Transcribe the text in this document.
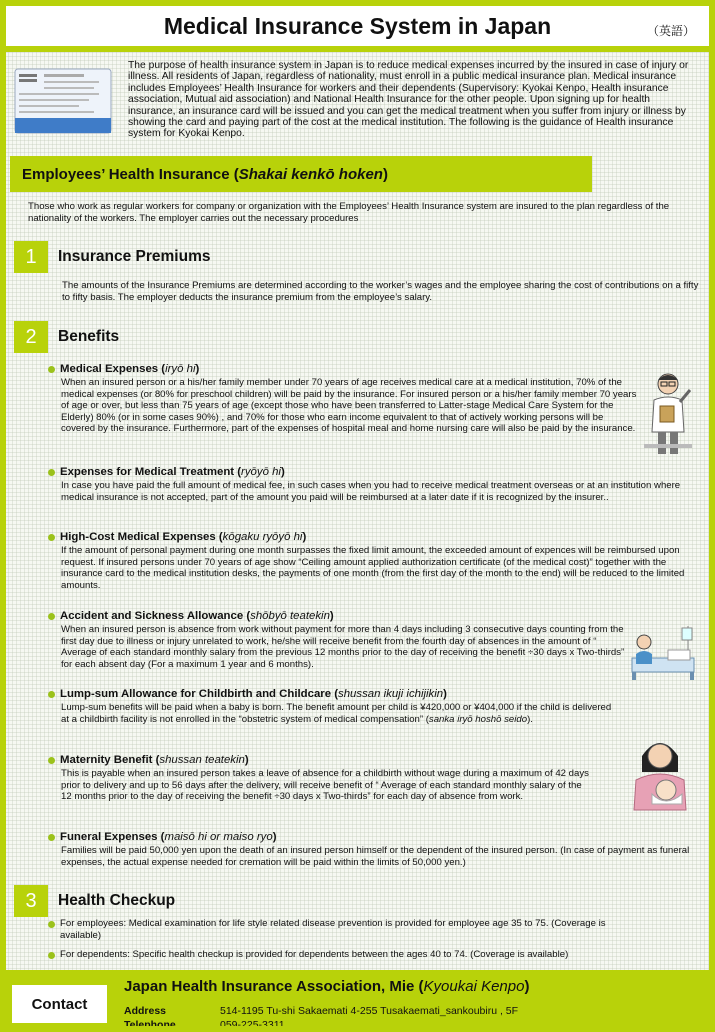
Medical Insurance System in Japan	（英語）

The purpose of health insurance system in Japan is to reduce medical expenses incurred by the insured in case of injury or illness. All residents of Japan, regardless of nationality, must enroll in a public medical insurance plan. Medical insurance includes Employees’ Health Insurance for workers and their dependents (Supervisory: Kyokai Kenpo, Health insurance association, Mutual aid association) and National Health Insurance for the other people. Upon signing up for health insurance, an insurance card will be issued and you can get the medical treatment when you suffer from injury or illness by showing the card and paying part of the cost at the medical institution. The following is the guidance of Health insurance system for Kyokai Kenpo.

Employees’ Health Insurance ( Shakai kenkō hoken )

Those who work as regular workers for company or organization with the Employees’ Health Insurance system are insured to the plan regardless of the nationality of the workers. The employer carries out the necessary procedures

1	Insurance Premiums

The amounts of the Insurance Premiums are determined according to the worker’s wages and the employee sharing the cost of contributions on a fifty to fifty basis. The employer deducts the insurance premium from the employee’s salary.

2	Benefits
Medical Expenses ( iryō hi )

When an insured person or a his/her family member under 70 years of age receives medical care at a medical institution, 70% of the medical expenses (or 80% for preschool children) will be paid by the insurance. For insured person or a his/her family member 70 years of age or over, but less than 75 years of age (except those who have been transferred to Latter-stage Medical Care System for the Elderly) 80% (or in some cases 90%) , and 70% for those who earn income equivalent to that of actively working persons will be covered by the insurance. Furthermore, part of the expenses of hospital meal and home nursing care will also be paid by the insurance.

Expenses for Medical Treatment ( ryōyō hi )

In case you have paid the full amount of medical fee, in such cases when you had to receive medical treatment overseas or at an institution where medical insurance is not accepted, part of the amount you paid will be reimbursed at a later date if it is recognized by the insurer..

High-Cost Medical Expenses ( kōgaku ryōyō hi )

If the amount of personal payment during one month surpasses the fixed limit amount, the exceeded amount of expences will be reimbursed upon request. If insured persons under 70 years of age show “Ceiling amount applied authorization certificate (of the medical cost)” together with the insurance card to the medical institution desks, the payments of one month (from the first day of the month to the end) will be reduced to the limited amounts.

Accident and Sickness Allowance ( shōbyō teatekin )

When an insured person is absence from work without payment for more than 4 days including 3 consecutive days counting from the first day due to illness or injury unrelated to work, he/she will receive benefit from the fourth day of absences in the amount of “ Average of each standard monthly salary from the previous 12 months prior to the day of receiving the benefit ÷30 days x Two-thirds” for each absent day (For a maximum 1 year and 6 months).

Lump-sum Allowance for Childbirth and Childcare ( shussan ikuji ichijikin )

Lump-sum benefits will be paid when a baby is born. The benefit amount per child is ¥420,000 or ¥404,000 if the child is delivered at a childbirth facility is not enrolled in the “obstetric system of medical compensation” (sanka iryō hoshō seido).

Maternity Benefit ( shussan teatekin )

This is payable when an insured person takes a leave of absence for a childbirth without wage during a maximum of 42 days prior to delivery and up to 56 days after the delivery, will receive benefit of “ Average of each standard monthly salary of the 12 months prior to the day of receiving the benefit ÷30 days x Two-thirds” for each day of absence from work.

Funeral Expenses ( maisō hi or maiso ryo )

Families will be paid 50,000 yen upon the death of an insured person himself or the dependent of the insured person. (In case of payment as funeral expenses, the actual expense needed for cremation will be paid within the limits of 50,000 yen.)

3	Health Checkup
For employees: Medical examination for life style related disease prevention is provided for employee age 35 to 75. (Coverage is available)
For dependents: Specific health checkup is provided for dependents between the ages 40 to 74. (Coverage is available)
Contact
Japan Health Insurance Association, Mie (Kyoukai Kenpo)
Address	514-1195 Tu-shi Sakaemati 4-255 Tusakaemati_sankoubiru , 5F
Telephone	059-225-3311
